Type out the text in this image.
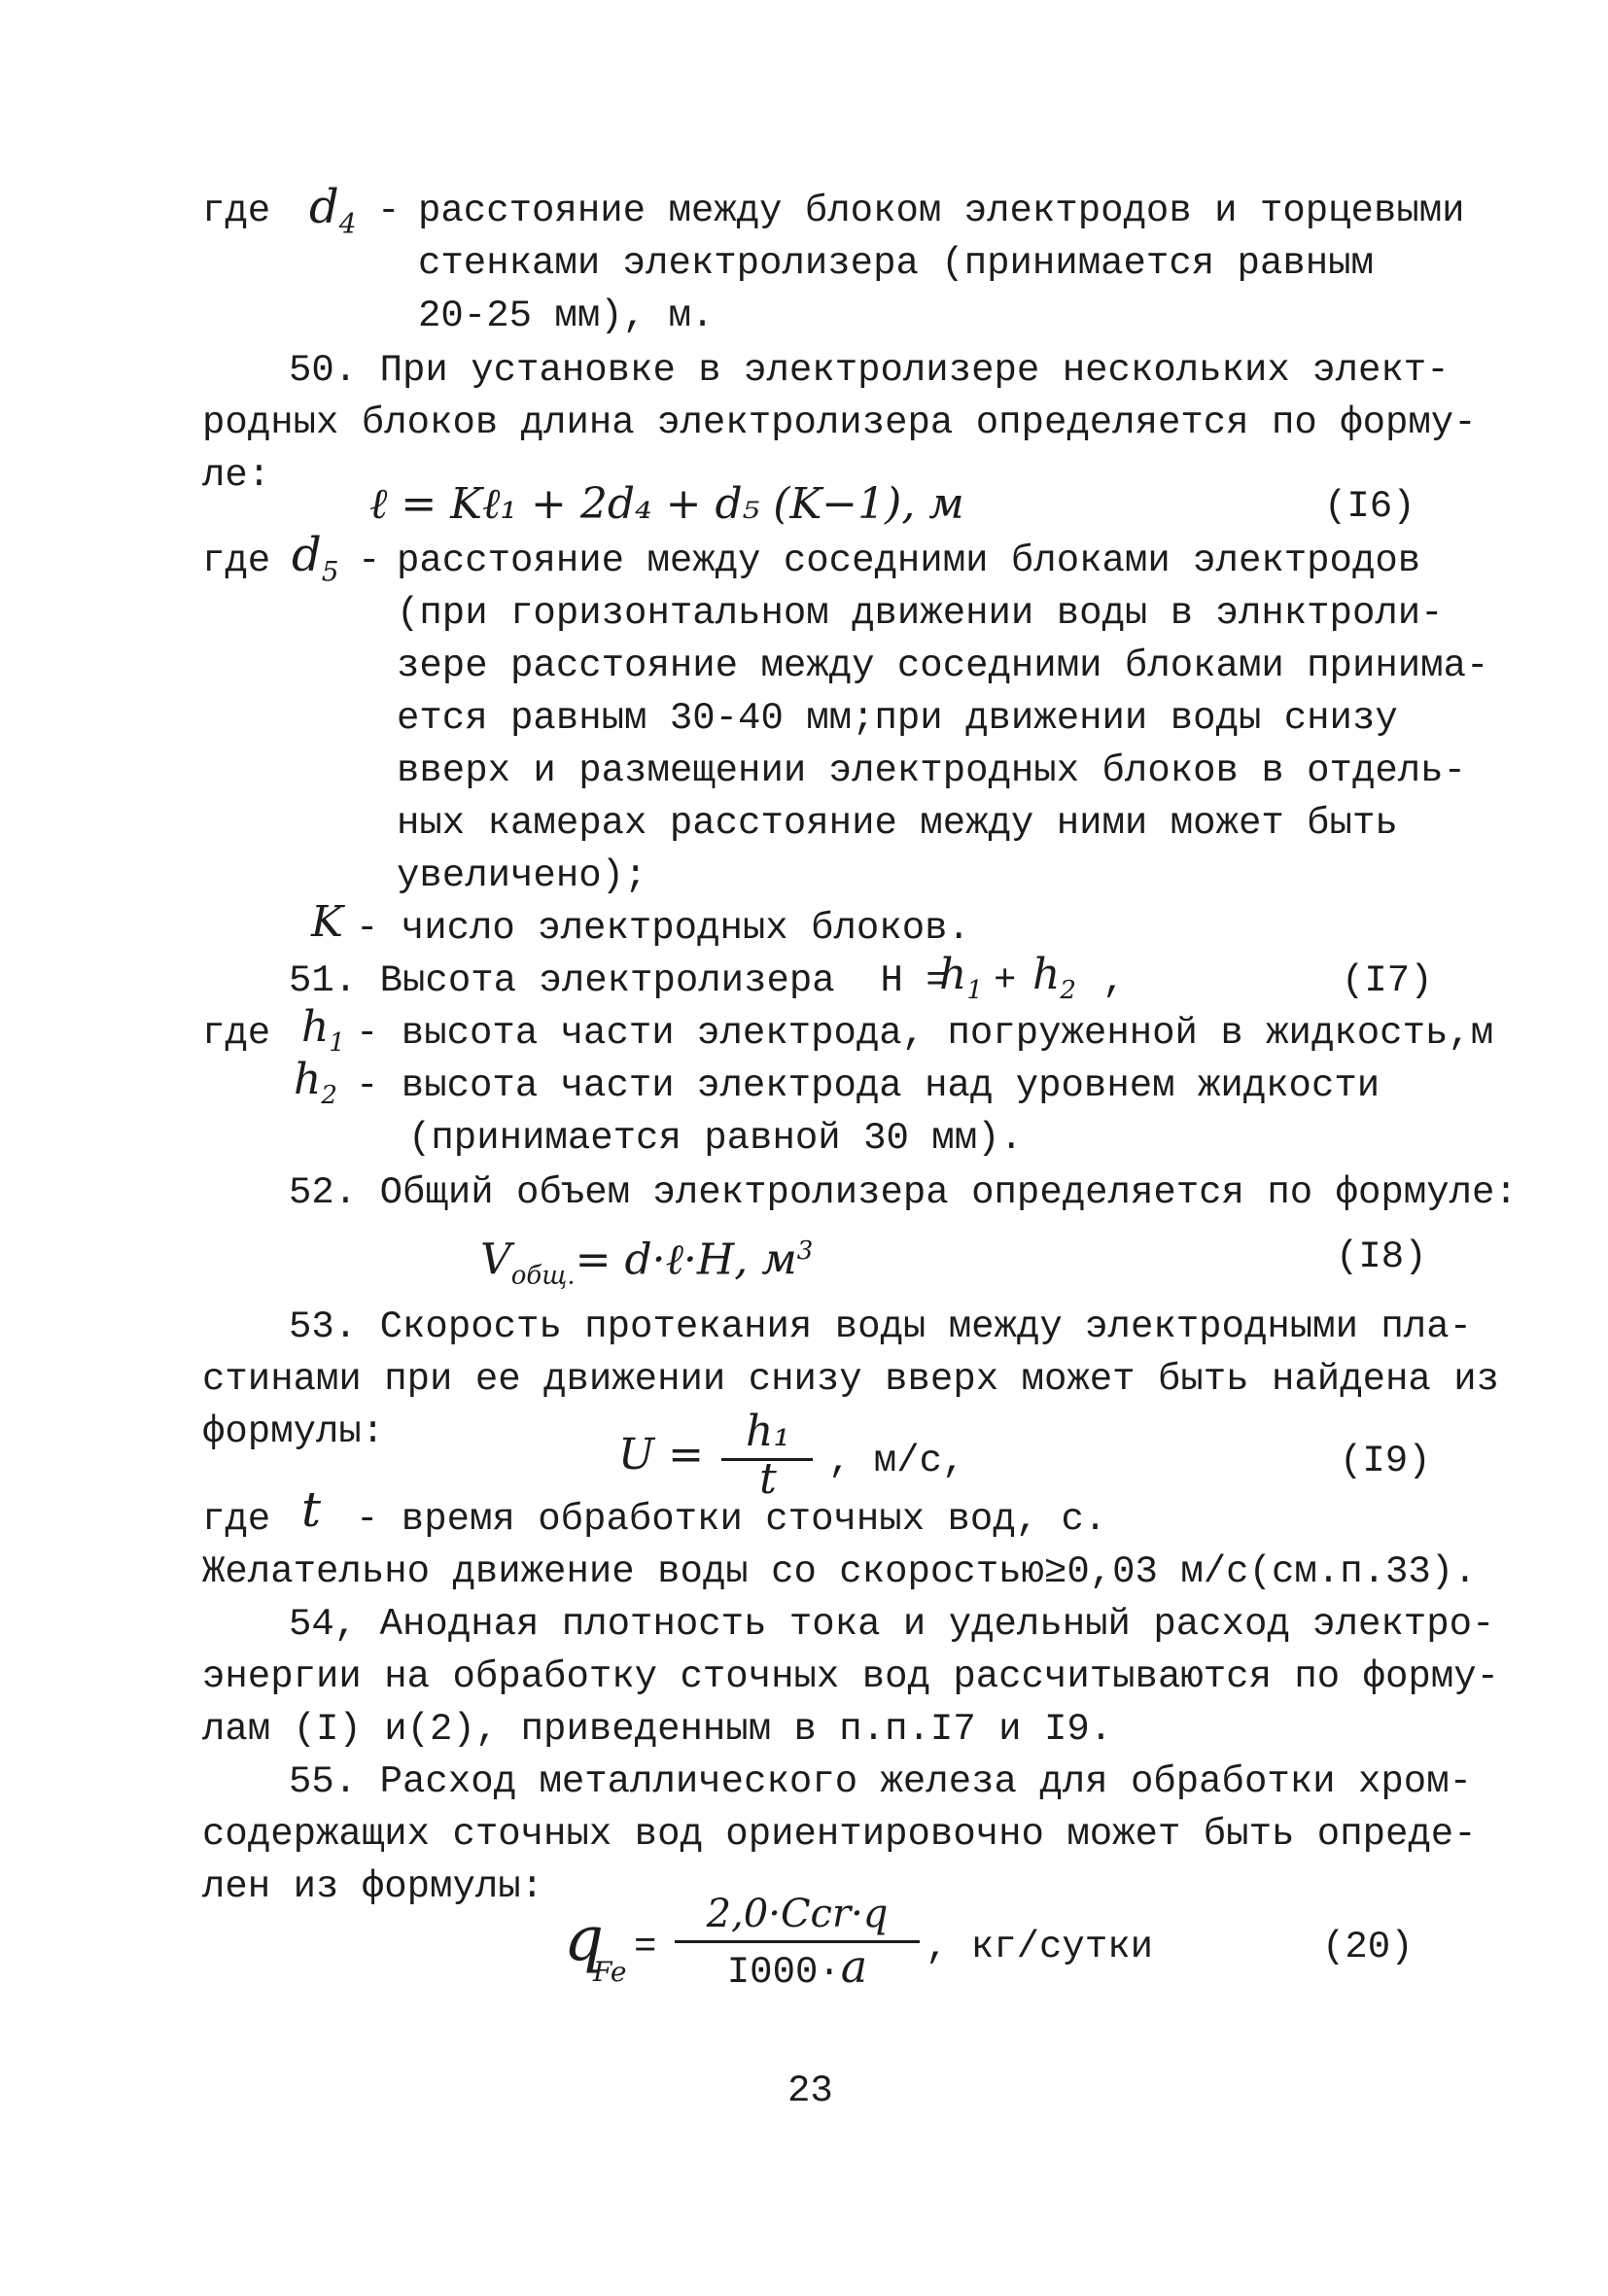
где $d_4$ - расстояние между блоком электродов и торцевыми
стенками электролизера (принимается равным
20-25 мм), м.
50. При установке в электролизере нескольких элект-
родных блоков длина электролизера определяется по форму-
ле:
ℓ = Kℓ₁ + 2d₄ + d₅ (K−1), м	(I6)
где $d_5$ - расстояние между соседними блоками электродов
(при горизонтальном движении воды в элнктроли-
зере расстояние между соседними блоками принима-
ется равным 30-40 мм;при движении воды снизу
вверх и размещении электродных блоков в отдель-
ных камерах расстояние между ними может быть
увеличено);
K - число электродных блоков.
51. Высота электролизера  H =
$h_1 + h_2$ ,	(I7)
где $h_1$ - высота части электрода, погруженной в жидкость,м
$h_2$ - высота части электрода над уровнем жидкости
(принимается равной 30 мм).
52. Общий объем электролизера определяется по формуле:
$V_{общ.}=$ d·ℓ·H, $м^3$	(I8)
53. Скорость протекания воды между электродными пла-
стинами при ее движении снизу вверх может быть найдена из
формулы:	U = h₁
t	, м/с,	(I9)
где t - время обработки сточных вод, с.
Желательно движение воды со скоростью≥0,03 м/с(см.п.33).
54, Анодная плотность тока и удельный расход электро-
энергии на обработку сточных вод рассчитываются по форму-
лам (I) и(2), приведенным в п.п.I7 и I9.
55. Расход металлического железа для обработки хром-
содержащих сточных вод ориентировочно может быть опреде-
лен из формулы:
q
Fe
=
2,0·Ccr·q
I000·a	, кг/сутки	(20)
23
